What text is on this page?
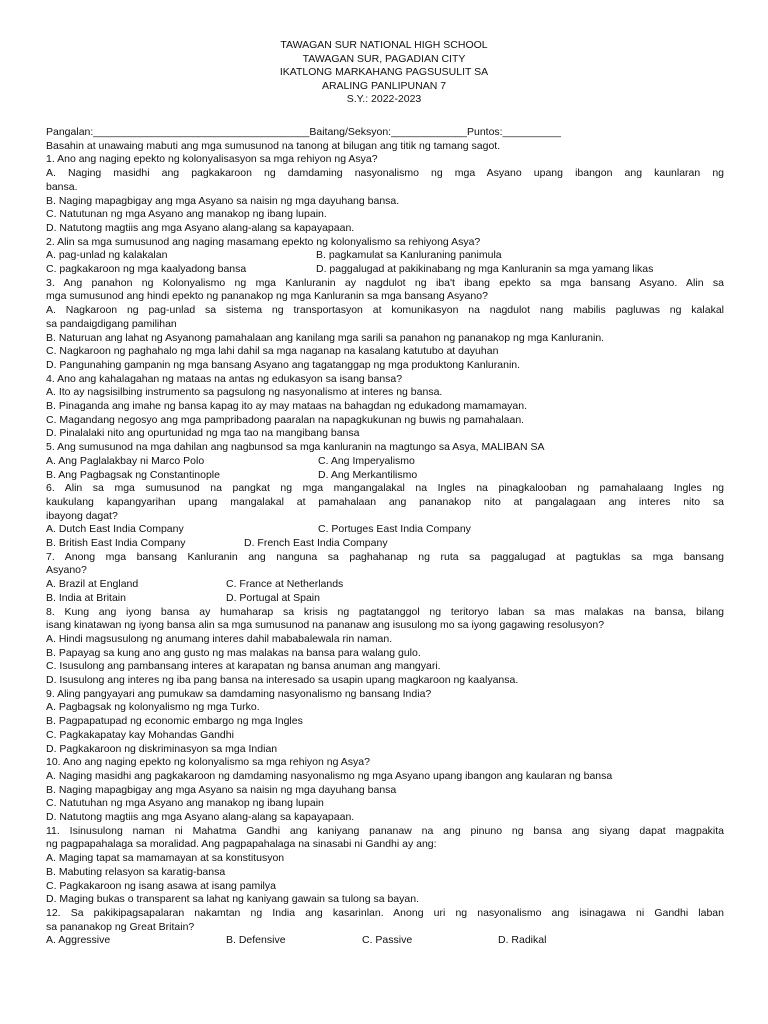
TAWAGAN SUR NATIONAL HIGH SCHOOL
TAWAGAN SUR, PAGADIAN CITY
IKATLONG MARKAHANG PAGSUSULIT SA
ARALING PANLIPUNAN 7
S.Y.: 2022-2023
Pangalan:_____________________________________Baitang/Seksyon:_____________Puntos:__________
Basahin at unawaing mabuti ang mga sumusunod na tanong at bilugan ang titik ng tamang sagot.
1. Ano ang naging epekto ng kolonyalisasyon sa mga rehiyon ng Asya?
A. Naging masidhi ang pagkakaroon ng damdaming nasyonalismo ng mga Asyano upang ibangon ang kaunlaran ng
bansa.
B. Naging mapagbigay ang mga Asyano sa naisin ng mga dayuhang bansa.
C. Natutunan ng mga Asyano ang manakop ng ibang lupain.
D. Natutong magtiis ang mga Asyano alang-alang sa kapayapaan.
2. Alin sa mga sumusunod ang naging masamang epekto ng kolonyalismo sa rehiyong Asya?
A. pag-unlad ng kalakalan	B. pagkamulat sa Kanluraning panimula
C. pagkakaroon ng mga kaalyadong bansa	D. paggalugad at pakikinabang ng mga Kanluranin sa mga yamang likas
3. Ang panahon ng Kolonyalismo ng mga Kanluranin ay nagdulot ng iba't ibang epekto sa mga bansang Asyano. Alin sa
mga sumusunod ang hindi epekto ng pananakop ng mga Kanluranin sa mga bansang Asyano?
A. Nagkaroon ng pag-unlad sa sistema ng transportasyon at komunikasyon na nagdulot nang mabilis pagluwas ng kalakal
sa pandaigdigang pamilihan
B. Naturuan ang lahat ng Asyanong pamahalaan ang kanilang mga sarili sa panahon ng pananakop ng mga Kanluranin.
C. Nagkaroon ng paghahalo ng mga lahi dahil sa mga naganap na kasalang katutubo at dayuhan
D. Pangunahing gampanin ng mga bansang Asyano ang tagatanggap ng mga produktong Kanluranin.
4. Ano ang kahalagahan ng mataas na antas ng edukasyon sa isang bansa?
A. Ito ay nagsisilbing instrumento sa pagsulong ng nasyonalismo at interes ng bansa.
B. Pinaganda ang imahe ng bansa kapag ito ay may mataas na bahagdan ng edukadong mamamayan.
C. Magandang negosyo ang mga pampribadong paaralan na napagkukunan ng buwis ng pamahalaan.
D. Pinalalaki nito ang opurtunidad ng mga tao na mangibang bansa
5. Ang sumusunod na mga dahilan ang nagbunsod sa mga kanluranin na magtungo sa Asya, MALIBAN SA
A. Ang Paglalakbay ni Marco Polo	C. Ang Imperyalismo
B. Ang Pagbagsak ng Constantinople	D. Ang Merkantilismo
6. Alin sa mga sumusunod na pangkat ng mga mangangalakal na Ingles na pinagkalooban ng pamahalaang Ingles ng
kaukulang kapangyarihan upang mangalakal at pamahalaan ang pananakop nito at pangalagaan ang interes nito sa
ibayong dagat?
A. Dutch East India Company	C. Portuges East India Company
B. British East India Company	D. French East India Company
7. Anong mga bansang Kanluranin ang nanguna sa paghahanap ng ruta sa paggalugad at pagtuklas sa mga bansang
Asyano?
A. Brazil at England	C. France at Netherlands
B. India at Britain	D. Portugal at Spain
8. Kung ang iyong bansa ay humaharap sa krisis ng pagtatanggol ng teritoryo laban sa mas malakas na bansa, bilang
isang kinatawan ng iyong bansa alin sa mga sumusunod na pananaw ang isusulong mo sa iyong gagawing resolusyon?
A. Hindi magsusulong ng anumang interes dahil mababalewala rin naman.
B. Papayag sa kung ano ang gusto ng mas malakas na bansa para walang gulo.
C. Isusulong ang pambansang interes at karapatan ng bansa anuman ang mangyari.
D. Isusulong ang interes ng iba pang bansa na interesado sa usapin upang magkaroon ng kaalyansa.
9. Aling pangyayari ang pumukaw sa damdaming nasyonalismo ng bansang India?
A. Pagbagsak ng kolonyalismo ng mga Turko.
B. Pagpapatupad ng economic embargo ng mga Ingles
C. Pagkakapatay kay Mohandas Gandhi
D. Pagkakaroon ng diskriminasyon sa mga Indian
10. Ano ang naging epekto ng kolonyalismo sa mga rehiyon ng Asya?
A. Naging masidhi ang pagkakaroon ng damdaming nasyonalismo ng mga Asyano upang ibangon ang kaularan ng bansa
B. Naging mapagbigay ang mga Asyano sa naisin ng mga dayuhang bansa
C. Natutuhan ng mga Asyano ang manakop ng ibang lupain
D. Natutong magtiis ang mga Asyano alang-alang sa kapayapaan.
11. Isinusulong naman ni Mahatma Gandhi ang kaniyang pananaw na ang pinuno ng bansa ang siyang dapat magpakita
ng pagpapahalaga sa moralidad. Ang pagpapahalaga na sinasabi ni Gandhi ay ang:
A. Maging tapat sa mamamayan at sa konstitusyon
B. Mabuting relasyon sa karatig-bansa
C. Pagkakaroon ng isang asawa at isang pamilya
D. Maging bukas o transparent sa lahat ng kaniyang gawain sa tulong sa bayan.
12. Sa pakikipagsapalaran nakamtan ng India ang kasarinlan. Anong uri ng nasyonalismo ang isinagawa ni Gandhi laban
sa pananakop ng Great Britain?
A. Aggressive	B. Defensive	C. Passive	D. Radikal
